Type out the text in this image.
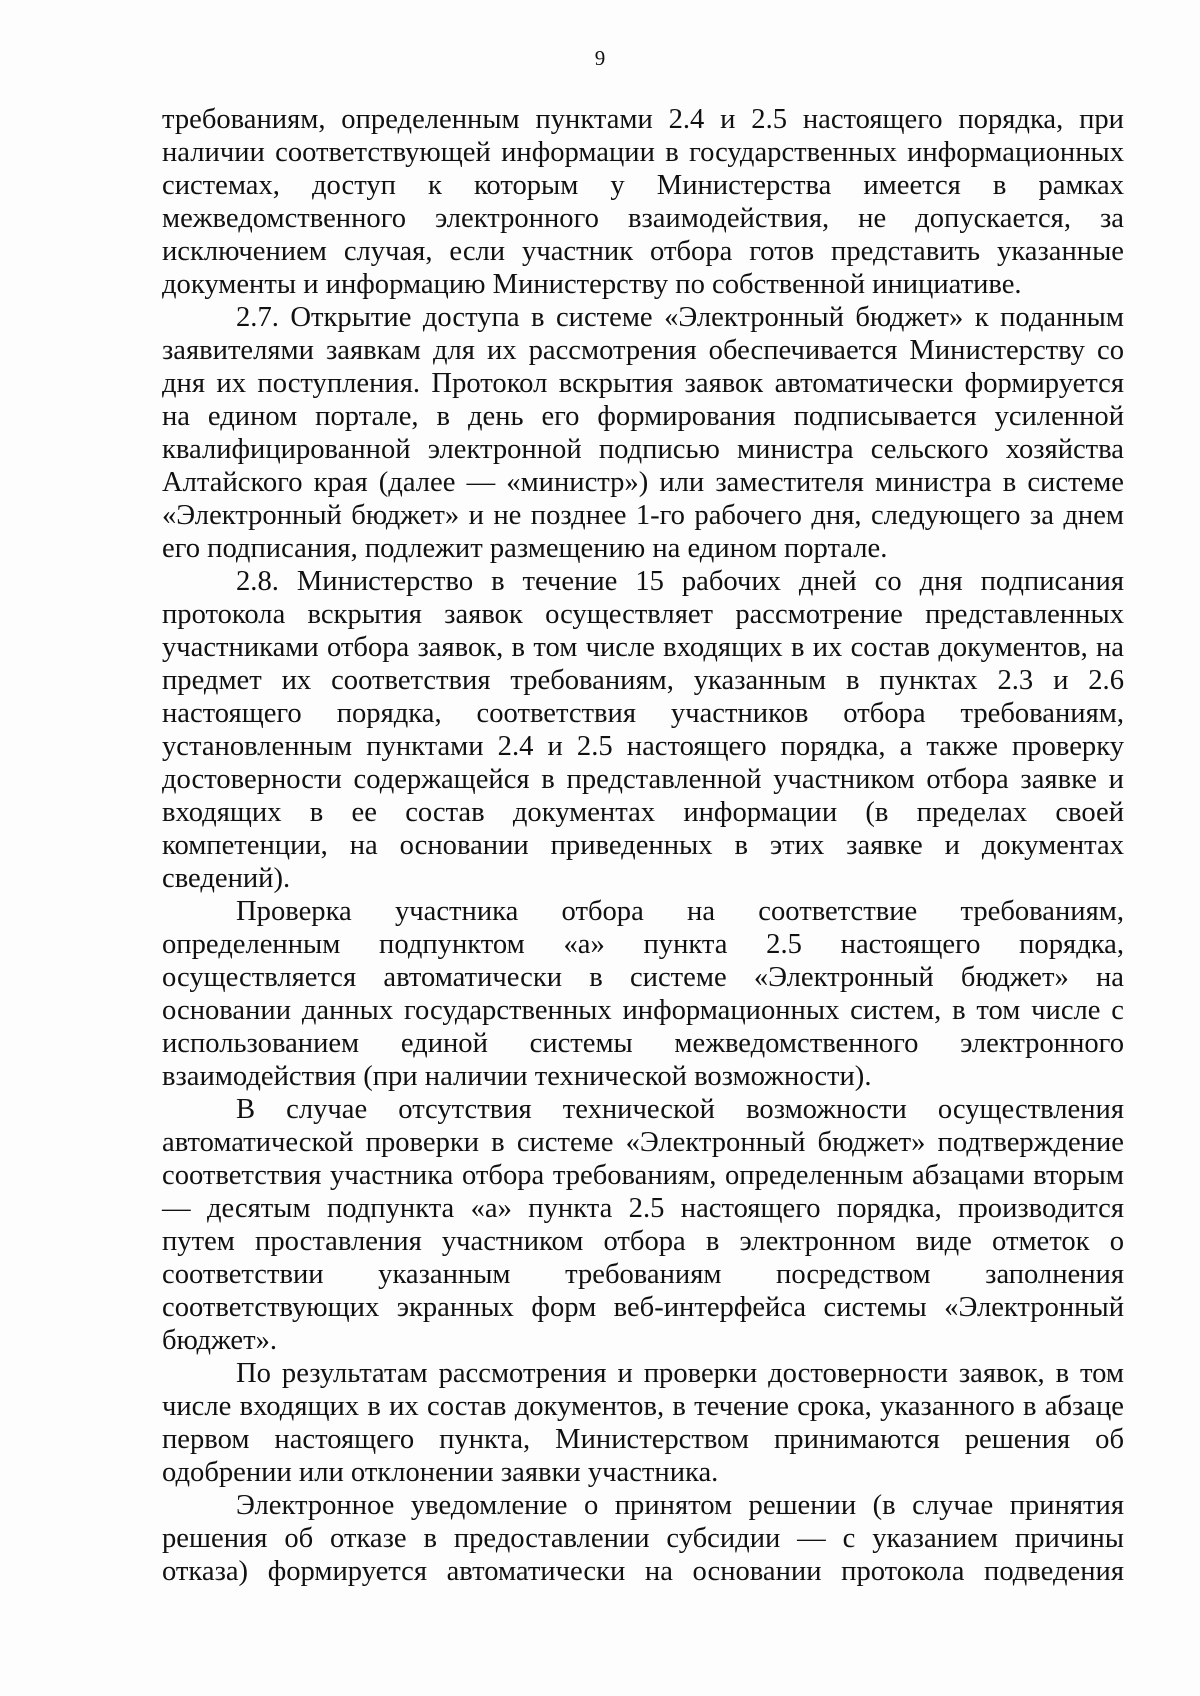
9

требованиям, определенным пунктами 2.4 и 2.5 настоящего порядка, при
наличии соответствующей информации в государственных информационных
системах, доступ к которым у Министерства имеется в рамках
межведомственного электронного взаимодействия, не допускается, за
исключением случая, если участник отбора готов представить указанные
документы и информацию Министерству по собственной инициативе.

2.7. Открытие доступа в системе «Электронный бюджет» к поданным
заявителями заявкам для их рассмотрения обеспечивается Министерству со
дня их поступления. Протокол вскрытия заявок автоматически формируется
на едином портале, в день его формирования подписывается усиленной
квалифицированной электронной подписью министра сельского хозяйства
Алтайского края (далее — «министр») или заместителя министра в системе
«Электронный бюджет» и не позднее 1-го рабочего дня, следующего за днем
его подписания, подлежит размещению на едином портале.

2.8. Министерство в течение 15 рабочих дней со дня подписания
протокола вскрытия заявок осуществляет рассмотрение представленных
участниками отбора заявок, в том числе входящих в их состав документов, на
предмет их соответствия требованиям, указанным в пунктах 2.3 и 2.6
настоящего порядка, соответствия участников отбора требованиям,
установленным пунктами 2.4 и 2.5 настоящего порядка, а также проверку
достоверности содержащейся в представленной участником отбора заявке и
входящих в ее состав документах информации (в пределах своей
компетенции, на основании приведенных в этих заявке и документах
сведений).

Проверка участника отбора на соответствие требованиям,
определенным подпунктом «а» пункта 2.5 настоящего порядка,
осуществляется автоматически в системе «Электронный бюджет» на
основании данных государственных информационных систем, в том числе с
использованием единой системы межведомственного электронного
взаимодействия (при наличии технической возможности).

В случае отсутствия технической возможности осуществления
автоматической проверки в системе «Электронный бюджет» подтверждение
соответствия участника отбора требованиям, определенным абзацами вторым
— десятым подпункта «а» пункта 2.5 настоящего порядка, производится
путем проставления участником отбора в электронном виде отметок о
соответствии указанным требованиям посредством заполнения
соответствующих экранных форм веб-интерфейса системы «Электронный
бюджет».

По результатам рассмотрения и проверки достоверности заявок, в том
числе входящих в их состав документов, в течение срока, указанного в абзаце
первом настоящего пункта, Министерством принимаются решения об
одобрении или отклонении заявки участника.

Электронное уведомление о принятом решении (в случае принятия
решения об отказе в предоставлении субсидии — с указанием причины
отказа) формируется автоматически на основании протокола подведения
